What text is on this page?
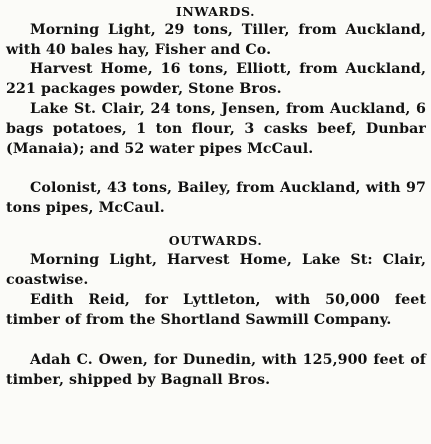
INWARDS.

Morning Light, 29 tons, Tiller, from Auckland, with 40 bales hay, Fisher and Co.

Harvest Home, 16 tons, Elliott, from Auckland, 221 packages powder, Stone Bros.

Lake St. Clair, 24 tons, Jensen, from Auckland, 6 bags potatoes, 1 ton flour, 3 casks beef, Dunbar (Manaia); and 52 water pipes McCaul.

Colonist, 43 tons, Bailey, from Auckland, with 97 tons pipes, McCaul.

OUTWARDS.

Morning Light, Harvest Home, Lake St: Clair, coastwise.

Edith Reid, for Lyttleton, with 50,000 feet timber of from the Shortland Sawmill Company.

Adah C. Owen, for Dunedin, with 125,900 feet of timber, shipped by Bagnall Bros.
